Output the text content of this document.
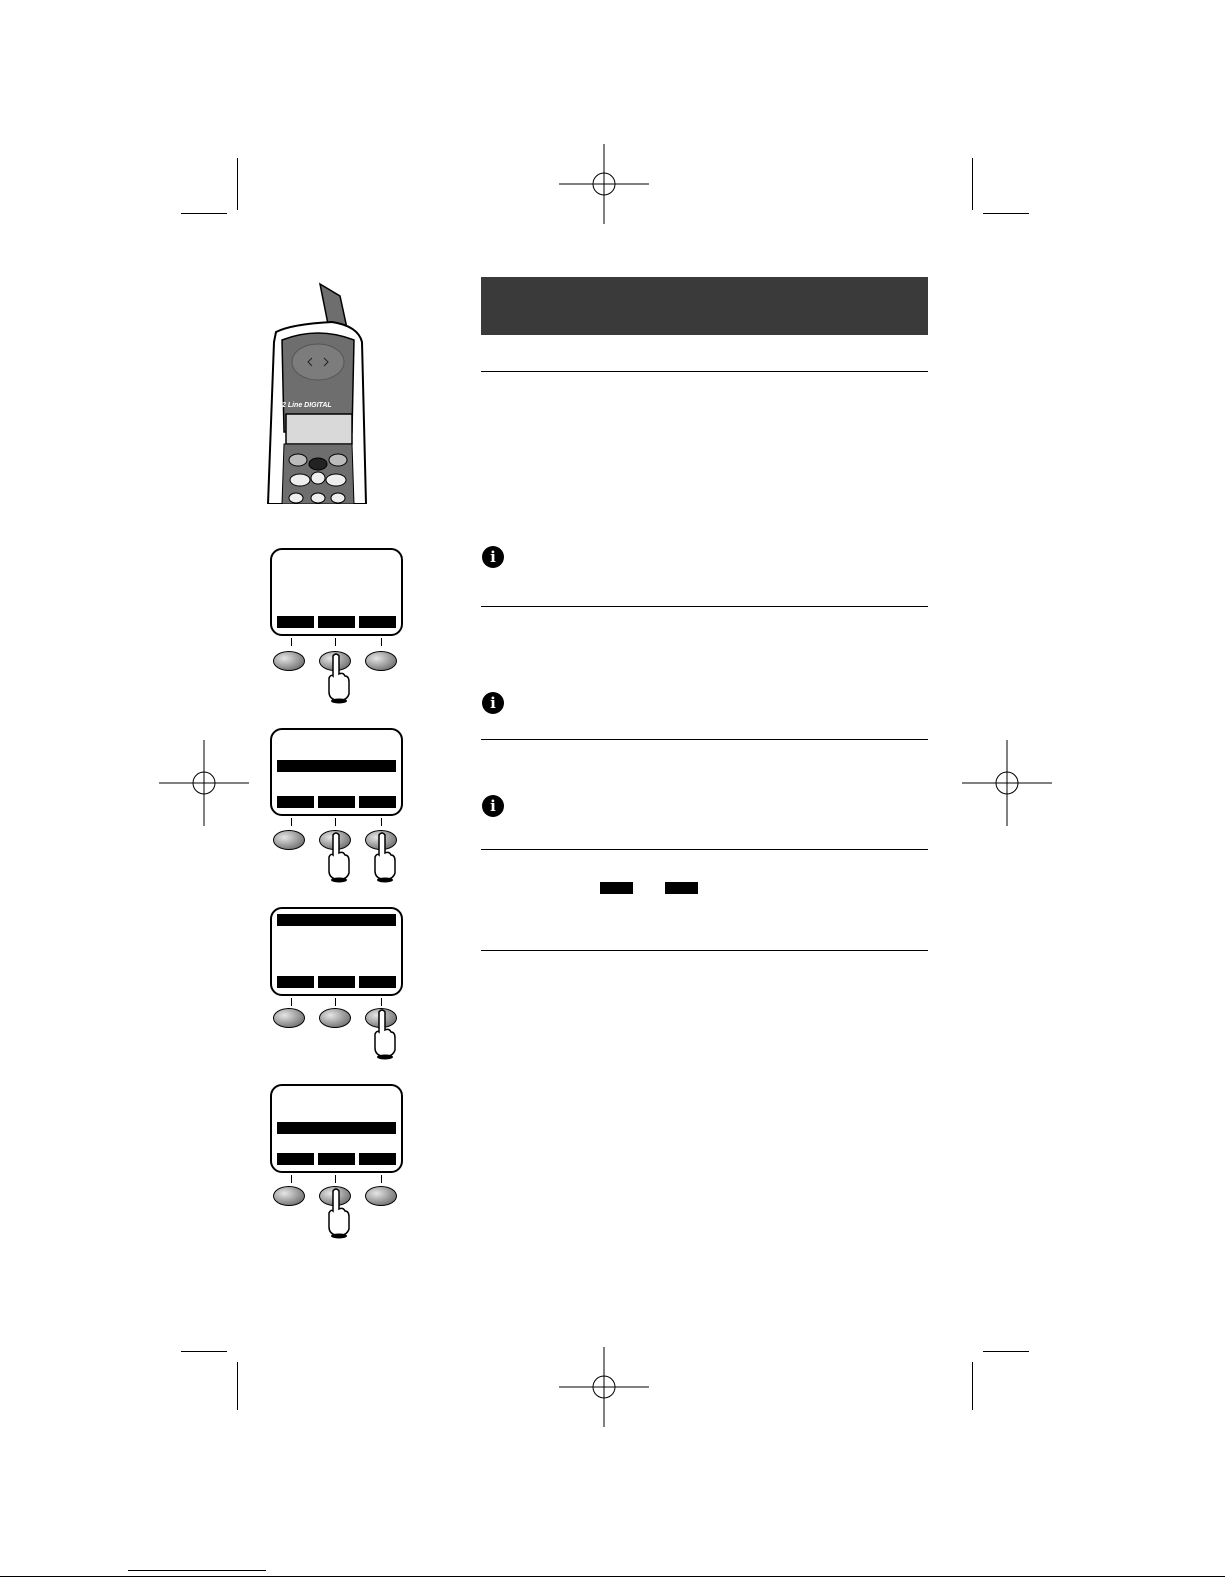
2 Line DIGITAL
i
i
i
